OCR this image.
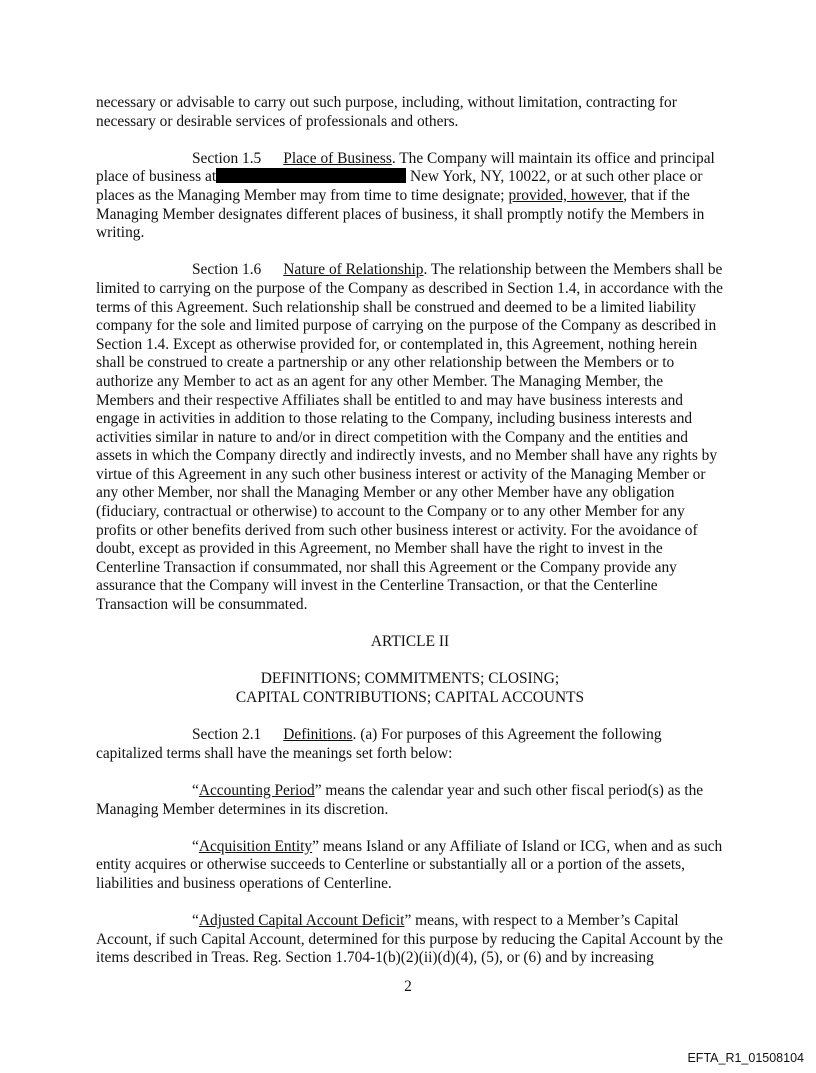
necessary or advisable to carry out such purpose, including, without limitation, contracting for necessary or desirable services of professionals and others.

Section 1.5 Place of Business. The Company will maintain its office and principal place of business at	New York, NY, 10022, or at such other place or places as the Managing Member may from time to time designate; provided, however, that if the Managing Member designates different places of business, it shall promptly notify the Members in writing.

Section 1.6 Nature of Relationship. The relationship between the Members shall be limited to carrying on the purpose of the Company as described in Section 1.4, in accordance with the terms of this Agreement. Such relationship shall be construed and deemed to be a limited liability company for the sole and limited purpose of carrying on the purpose of the Company as described in Section 1.4. Except as otherwise provided for, or contemplated in, this Agreement, nothing herein shall be construed to create a partnership or any other relationship between the Members or to authorize any Member to act as an agent for any other Member. The Managing Member, the Members and their respective Affiliates shall be entitled to and may have business interests and engage in activities in addition to those relating to the Company, including business interests and activities similar in nature to and/or in direct competition with the Company and the entities and assets in which the Company directly and indirectly invests, and no Member shall have any rights by virtue of this Agreement in any such other business interest or activity of the Managing Member or any other Member, nor shall the Managing Member or any other Member have any obligation (fiduciary, contractual or otherwise) to account to the Company or to any other Member for any profits or other benefits derived from such other business interest or activity. For the avoidance of doubt, except as provided in this Agreement, no Member shall have the right to invest in the Centerline Transaction if consummated, nor shall this Agreement or the Company provide any assurance that the Company will invest in the Centerline Transaction, or that the Centerline Transaction will be consummated.

ARTICLE II

DEFINITIONS; COMMITMENTS; CLOSING;
CAPITAL CONTRIBUTIONS; CAPITAL ACCOUNTS

Section 2.1 Definitions. (a) For purposes of this Agreement the following capitalized terms shall have the meanings set forth below:

“Accounting Period” means the calendar year and such other fiscal period(s) as the Managing Member determines in its discretion.

“Acquisition Entity” means Island or any Affiliate of Island or ICG, when and as such entity acquires or otherwise succeeds to Centerline or substantially all or a portion of the assets, liabilities and business operations of Centerline.

“Adjusted Capital Account Deficit” means, with respect to a Member’s Capital Account, if such Capital Account, determined for this purpose by reducing the Capital Account by the items described in Treas. Reg. Section 1.704-1(b)(2)(ii)(d)(4), (5), or (6) and by increasing

2
EFTA_R1_01508104
